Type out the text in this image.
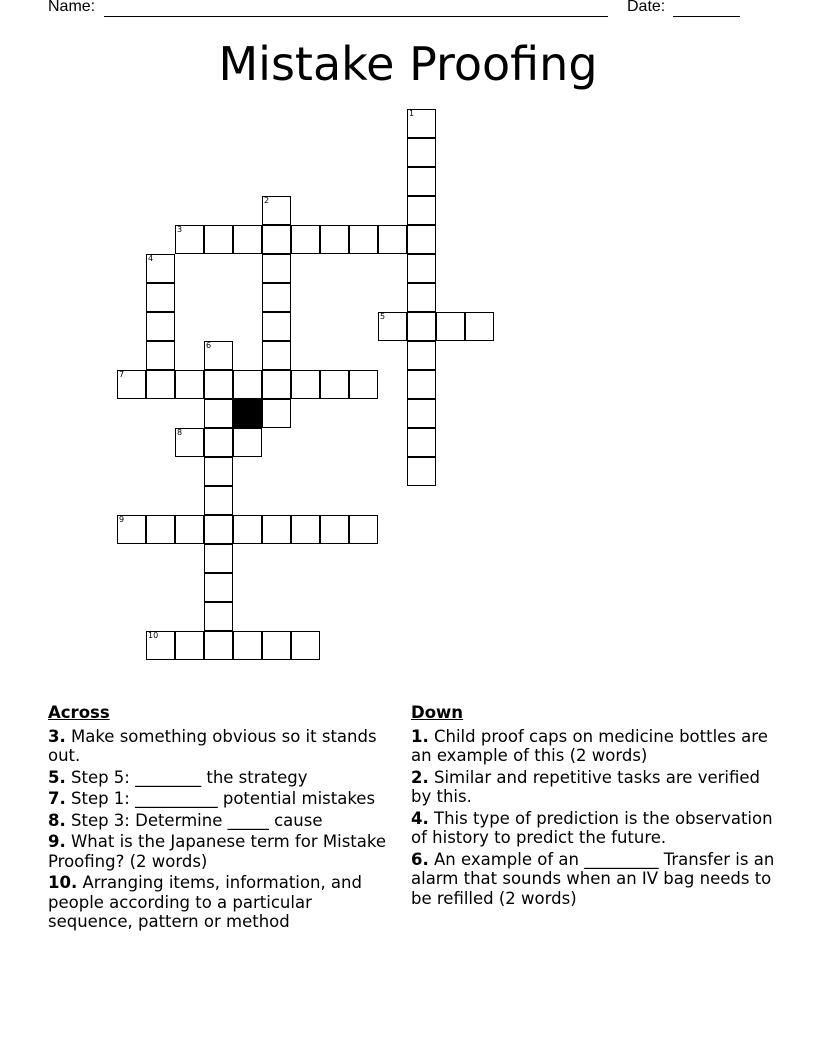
Name:	Date:
Mistake Proofing
1
2
3
4
5
6
7
8
9
10
Across
3. Make something obvious so it stands out.
5. Step 5: ________ the strategy
7. Step 1: __________ potential mistakes
8. Step 3: Determine _____ cause
9. What is the Japanese term for Mistake Proofing? (2 words)
10. Arranging items, information, and people according to a particular sequence, pattern or method
Down
1. Child proof caps on medicine bottles are an example of this (2 words)
2. Similar and repetitive tasks are verified by this.
4. This type of prediction is the observation of history to predict the future.
6. An example of an _________ Transfer is an alarm that sounds when an IV bag needs to be refilled (2 words)
